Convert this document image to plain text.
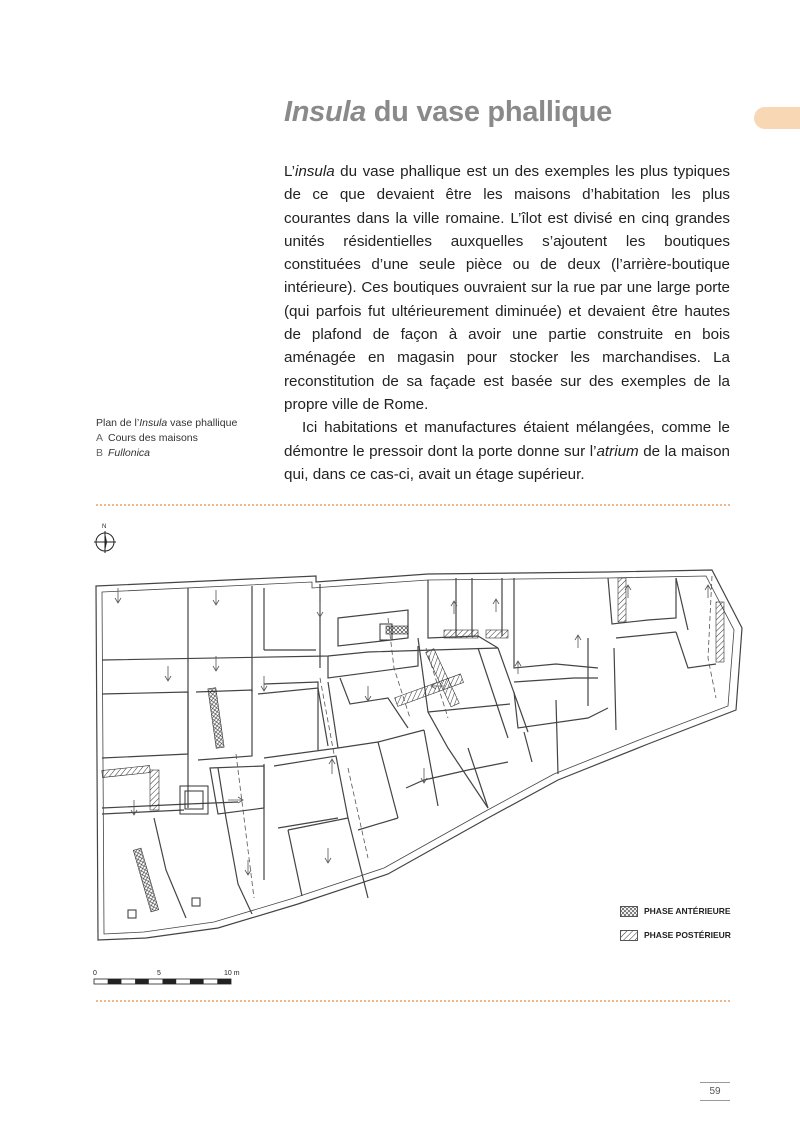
Insula du vase phallique

L’insula du vase phallique est un des exemples les plus typiques de ce que devaient être les maisons d’habitation les plus courantes dans la ville romaine. L’îlot est divisé en cinq grandes unités résidentielles auxquelles s’ajoutent les boutiques constituées d’une seule pièce ou de deux (l’arrière-boutique intérieure). Ces boutiques ouvraient sur la rue par une large porte (qui parfois fut ultérieurement diminuée) et devaient être hautes de plafond de façon à avoir une partie construite en bois aménagée en magasin pour stocker les marchandises. La reconstitution de sa façade est basée sur des exemples de la propre ville de Rome.

Ici habitations et manufactures étaient mélangées, comme le démontre le pressoir dont la porte donne sur l’atrium de la maison qui, dans ce cas-ci, avait un étage supérieur.

Plan de l’Insula vase phallique
A Cours des maisons
B Fullonica
N
PHASE ANTÉRIEURE
PHASE POSTÉRIEUR
0	5	10 m
59
